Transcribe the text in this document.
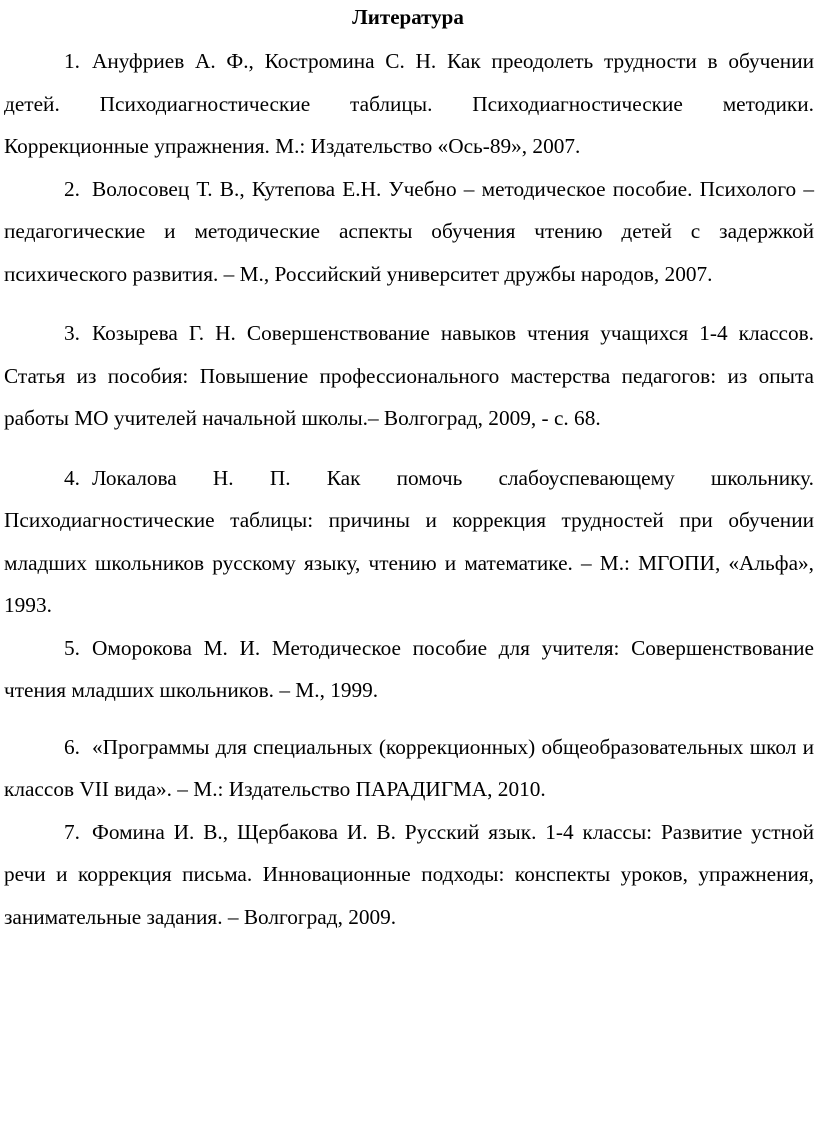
Литература
1. Ануфриев А. Ф., Костромина С. Н. Как преодолеть трудности в обучении детей. Психодиагностические таблицы. Психодиагностические методики. Коррекционные упражнения. М.: Издательство «Ось-89», 2007.
2. Волосовец Т. В., Кутепова Е.Н. Учебно – методическое пособие. Психолого – педагогические и методические аспекты обучения чтению детей с задержкой психического развития. – М., Российский университет дружбы народов, 2007.
3. Козырева Г. Н. Совершенствование навыков чтения учащихся 1-4 классов. Статья из пособия: Повышение профессионального мастерства педагогов: из опыта работы МО учителей начальной школы.– Волгоград, 2009, - с. 68.
4. Локалова Н. П. Как помочь слабоуспевающему школьнику. Психодиагностические таблицы: причины и коррекция трудностей при обучении младших школьников русскому языку, чтению и математике. – М.: МГОПИ, «Альфа», 1993.
5. Оморокова М. И. Методическое пособие для учителя: Совершенствование чтения младших школьников. – М., 1999.
6. «Программы для специальных (коррекционных) общеобразовательных школ и классов VII вида». – М.: Издательство ПАРАДИГМА, 2010.
7. Фомина И. В., Щербакова И. В. Русский язык. 1-4 классы: Развитие устной речи и коррекция письма. Инновационные подходы: конспекты уроков, упражнения, занимательные задания. – Волгоград, 2009.
